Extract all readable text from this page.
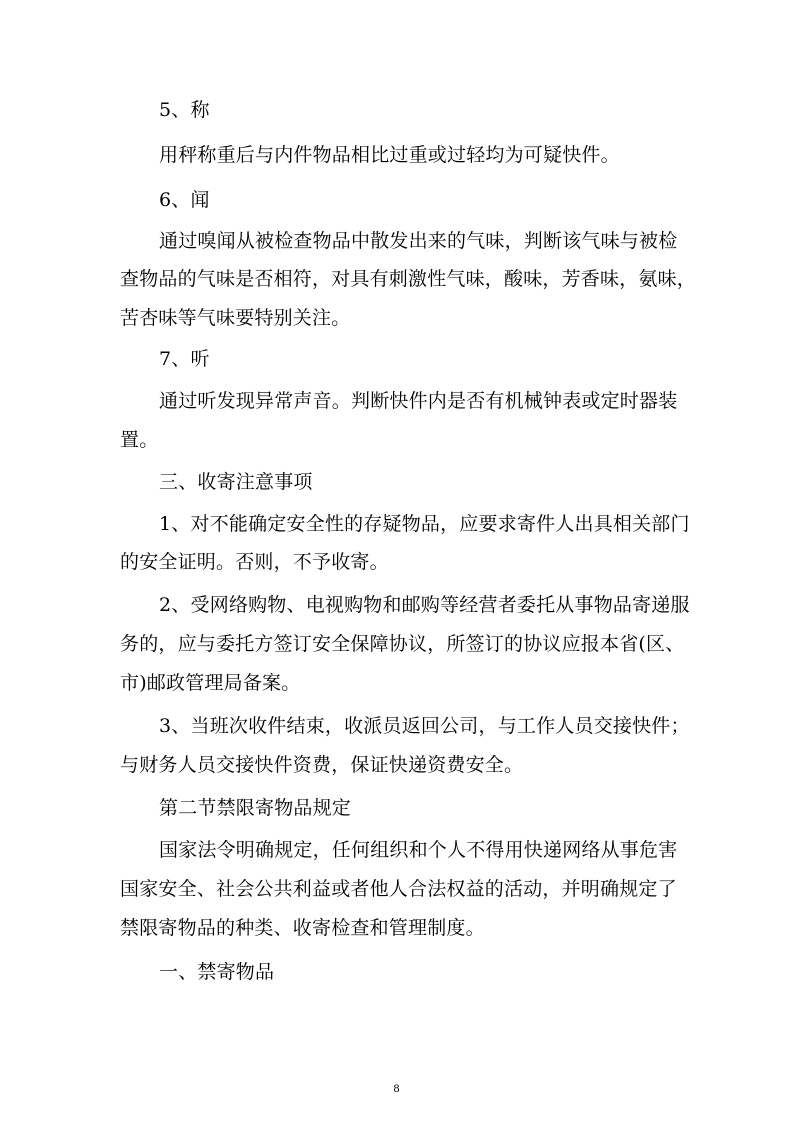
5、称
用秤称重后与内件物品相比过重或过轻均为可疑快件。
6、闻
通过嗅闻从被检查物品中散发出来的气味，判断该气味与被检
查物品的气味是否相符，对具有刺激性气味，酸味，芳香味，氨味，
苦杏味等气味要特别关注。
7、听
通过听发现异常声音。判断快件内是否有机械钟表或定时器装
置。
三、收寄注意事项
1、对不能确定安全性的存疑物品，应要求寄件人出具相关部门
的安全证明。否则，不予收寄。
2、受网络购物、电视购物和邮购等经营者委托从事物品寄递服
务的，应与委托方签订安全保障协议，所签订的协议应报本省(区、
市)邮政管理局备案。
3、当班次收件结束，收派员返回公司，与工作人员交接快件；
与财务人员交接快件资费，保证快递资费安全。
第二节禁限寄物品规定
国家法令明确规定，任何组织和个人不得用快递网络从事危害
国家安全、社会公共利益或者他人合法权益的活动，并明确规定了
禁限寄物品的种类、收寄检查和管理制度。
一、禁寄物品
8
